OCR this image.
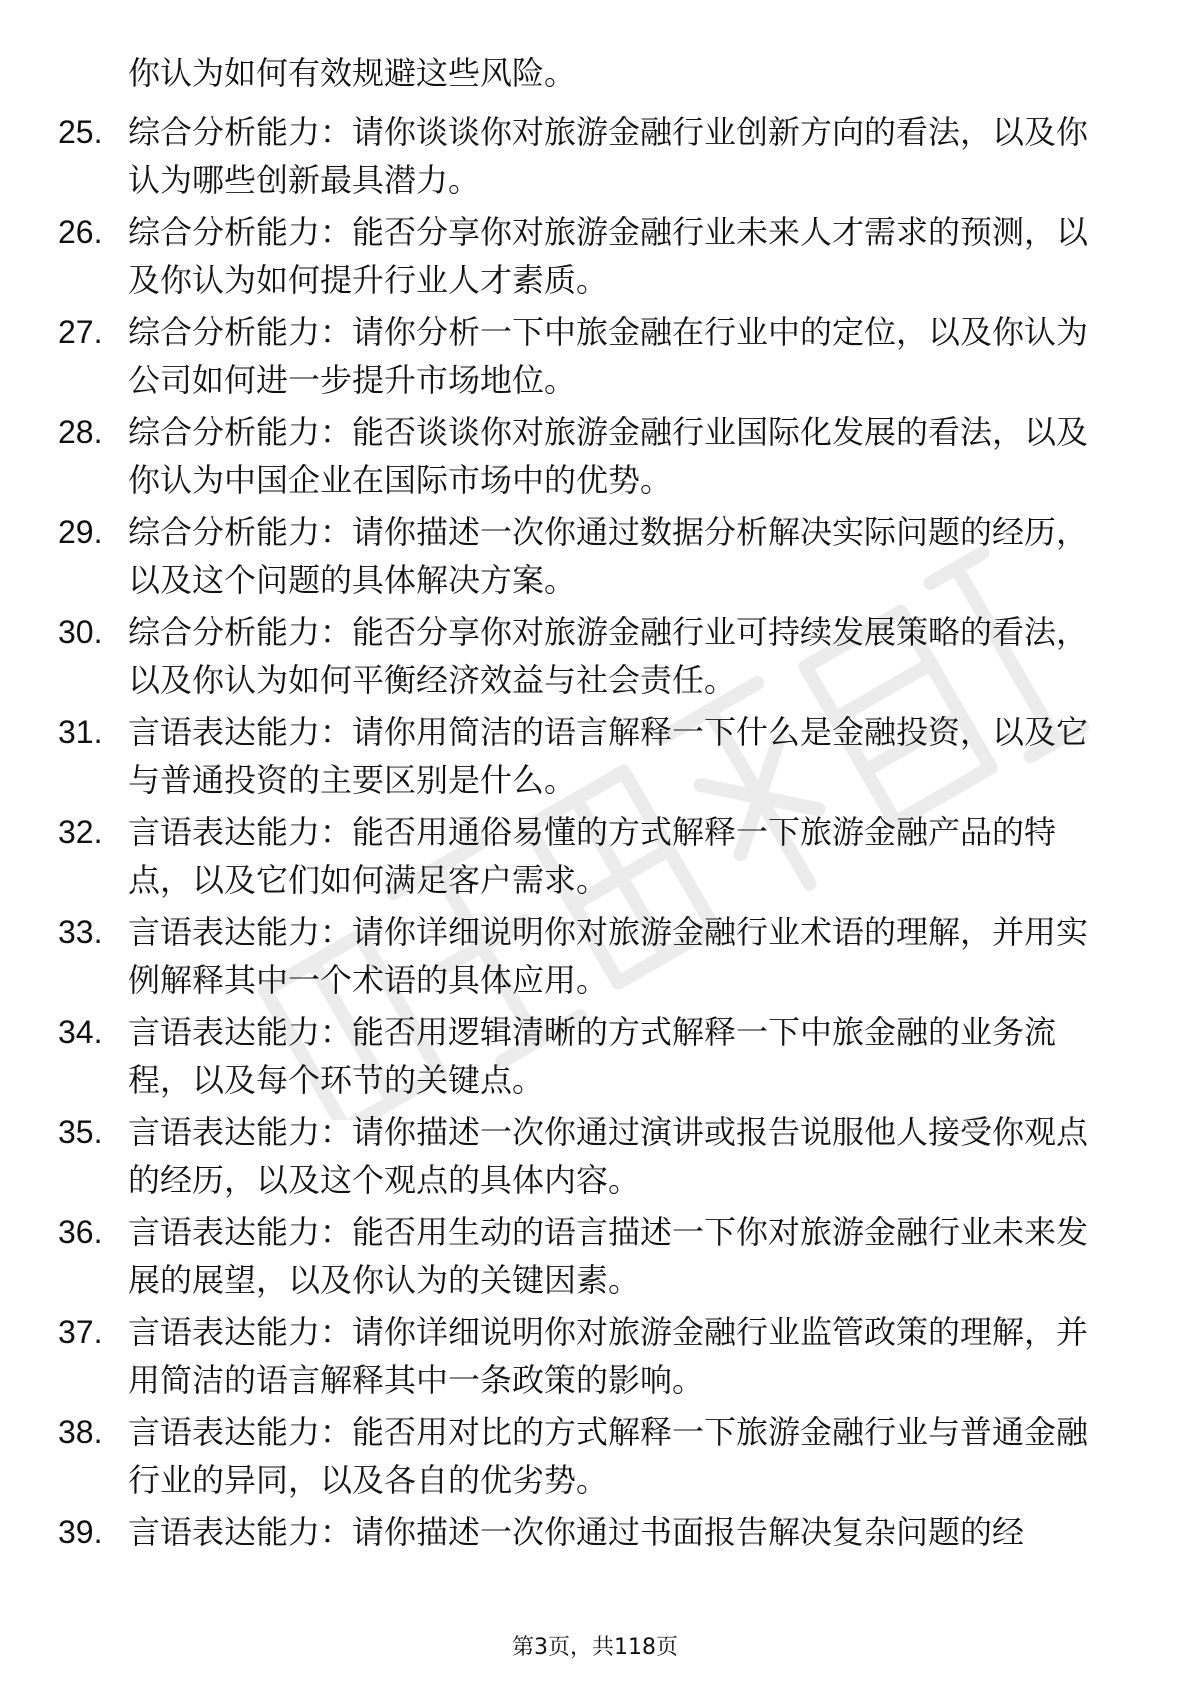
你认为如何有效规避这些风险。
25. 综合分析能力：请你谈谈你对旅游金融行业创新方向的看法，以及你认为哪些创新最具潜力。
26. 综合分析能力：能否分享你对旅游金融行业未来人才需求的预测，以及你认为如何提升行业人才素质。
27. 综合分析能力：请你分析一下中旅金融在行业中的定位，以及你认为公司如何进一步提升市场地位。
28. 综合分析能力：能否谈谈你对旅游金融行业国际化发展的看法，以及你认为中国企业在国际市场中的优势。
29. 综合分析能力：请你描述一次你通过数据分析解决实际问题的经历，以及这个问题的具体解决方案。
30. 综合分析能力：能否分享你对旅游金融行业可持续发展策略的看法，以及你认为如何平衡经济效益与社会责任。
31. 言语表达能力：请你用简洁的语言解释一下什么是金融投资，以及它与普通投资的主要区别是什么。
32. 言语表达能力：能否用通俗易懂的方式解释一下旅游金融产品的特点，以及它们如何满足客户需求。
33. 言语表达能力：请你详细说明你对旅游金融行业术语的理解，并用实例解释其中一个术语的具体应用。
34. 言语表达能力：能否用逻辑清晰的方式解释一下中旅金融的业务流程，以及每个环节的关键点。
35. 言语表达能力：请你描述一次你通过演讲或报告说服他人接受你观点的经历，以及这个观点的具体内容。
36. 言语表达能力：能否用生动的语言描述一下你对旅游金融行业未来发展的展望，以及你认为的关键因素。
37. 言语表达能力：请你详细说明你对旅游金融行业监管政策的理解，并用简洁的语言解释其中一条政策的影响。
38. 言语表达能力：能否用对比的方式解释一下旅游金融行业与普通金融行业的异同，以及各自的优劣势。
39. 言语表达能力：请你描述一次你通过书面报告解决复杂问题的经
第3页，共118页
